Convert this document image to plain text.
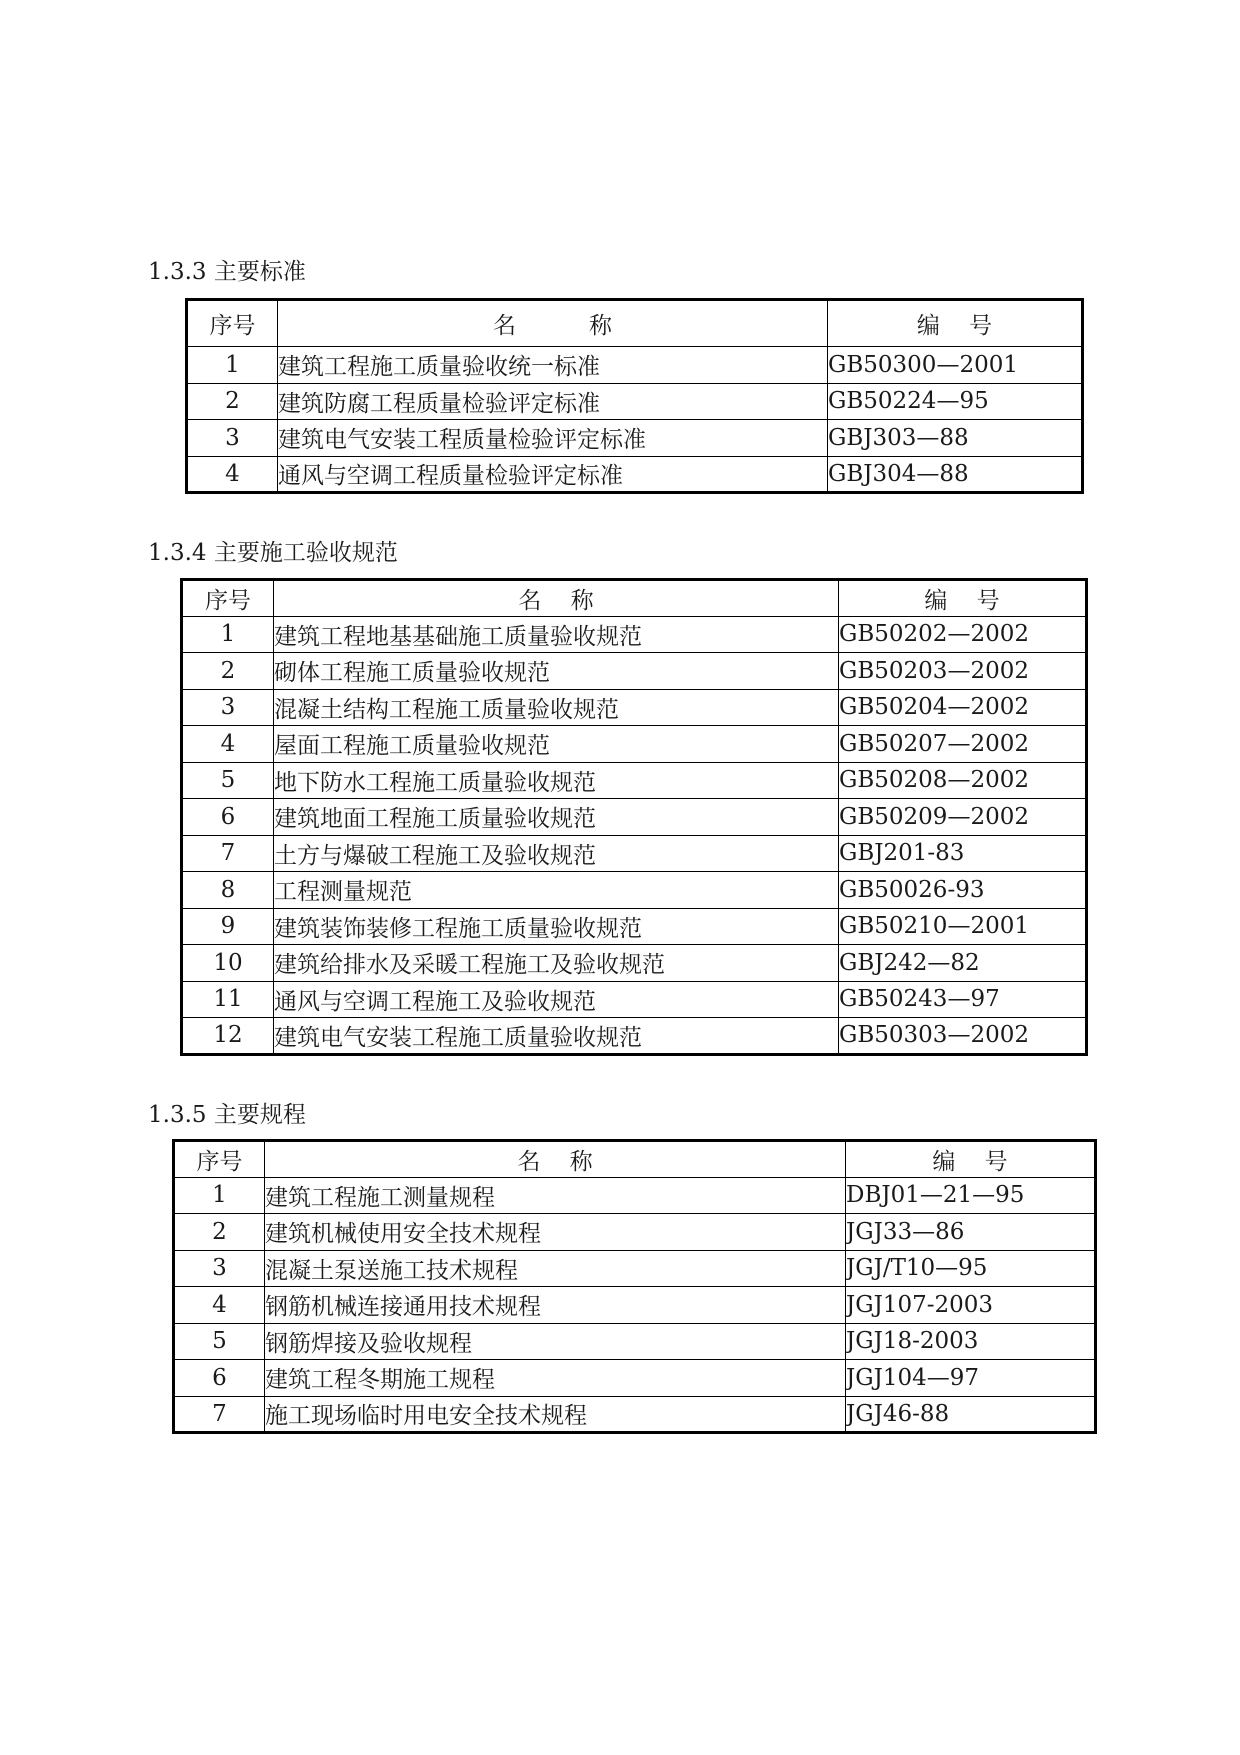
1.3.3 主要标准
序号	名          称	编    号
1	建筑工程施工质量验收统一标准	GB50300—2001
2	建筑防腐工程质量检验评定标准	GB50224—95
3	建筑电气安装工程质量检验评定标准	GBJ303—88
4	通风与空调工程质量检验评定标准	GBJ304—88
1.3.4 主要施工验收规范
序号	名    称	编    号
1	建筑工程地基基础施工质量验收规范	GB50202—2002
2	砌体工程施工质量验收规范	GB50203—2002
3	混凝土结构工程施工质量验收规范	GB50204—2002
4	屋面工程施工质量验收规范	GB50207—2002
5	地下防水工程施工质量验收规范	GB50208—2002
6	建筑地面工程施工质量验收规范	GB50209—2002
7	土方与爆破工程施工及验收规范	GBJ201-83
8	工程测量规范	GB50026-93
9	建筑装饰装修工程施工质量验收规范	GB50210—2001
10	建筑给排水及采暖工程施工及验收规范	GBJ242—82
11	通风与空调工程施工及验收规范	GB50243—97
12	建筑电气安装工程施工质量验收规范	GB50303—2002
1.3.5 主要规程
序号	名    称	编    号
1	建筑工程施工测量规程	DBJ01—21—95
2	建筑机械使用安全技术规程	JGJ33—86
3	混凝土泵送施工技术规程	JGJ/T10—95
4	钢筋机械连接通用技术规程	JGJ107-2003
5	钢筋焊接及验收规程	JGJ18-2003
6	建筑工程冬期施工规程	JGJ104—97
7	施工现场临时用电安全技术规程	JGJ46-88
